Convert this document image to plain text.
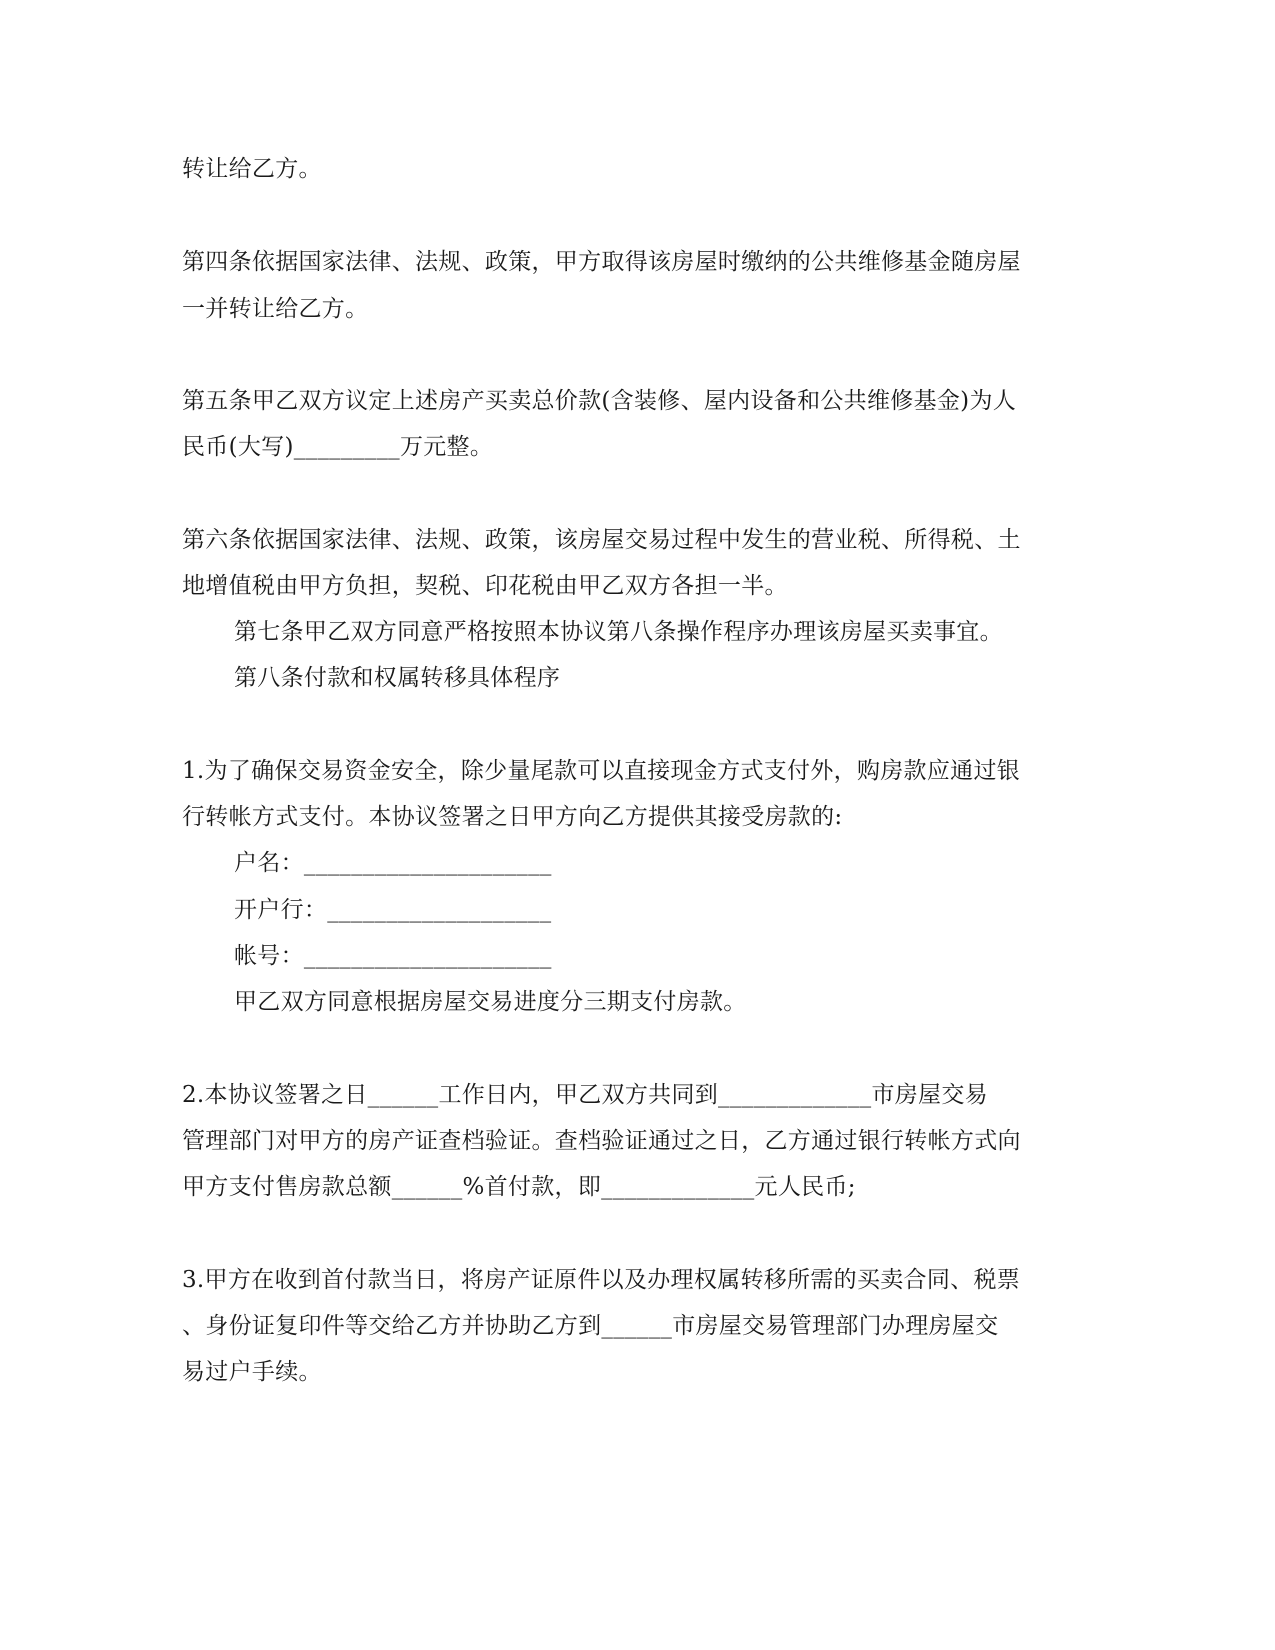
转让给乙方。
第四条依据国家法律、法规、政策，甲方取得该房屋时缴纳的公共维修基金随房屋
一并转让给乙方。
第五条甲乙双方议定上述房产买卖总价款(含装修、屋内设备和公共维修基金)为人
民币(大写)_________万元整。
第六条依据国家法律、法规、政策，该房屋交易过程中发生的营业税、所得税、土
地增值税由甲方负担，契税、印花税由甲乙双方各担一半。
第七条甲乙双方同意严格按照本协议第八条操作程序办理该房屋买卖事宜。
第八条付款和权属转移具体程序
1.为了确保交易资金安全，除少量尾款可以直接现金方式支付外，购房款应通过银
行转帐方式支付。本协议签署之日甲方向乙方提供其接受房款的:
户名：_____________________
开户行：___________________
帐号：_____________________
甲乙双方同意根据房屋交易进度分三期支付房款。
2.本协议签署之日______工作日内，甲乙双方共同到_____________市房屋交易
管理部门对甲方的房产证查档验证。查档验证通过之日，乙方通过银行转帐方式向
甲方支付售房款总额______%首付款，即_____________元人民币;
3.甲方在收到首付款当日，将房产证原件以及办理权属转移所需的买卖合同、税票
、身份证复印件等交给乙方并协助乙方到______市房屋交易管理部门办理房屋交
易过户手续。
